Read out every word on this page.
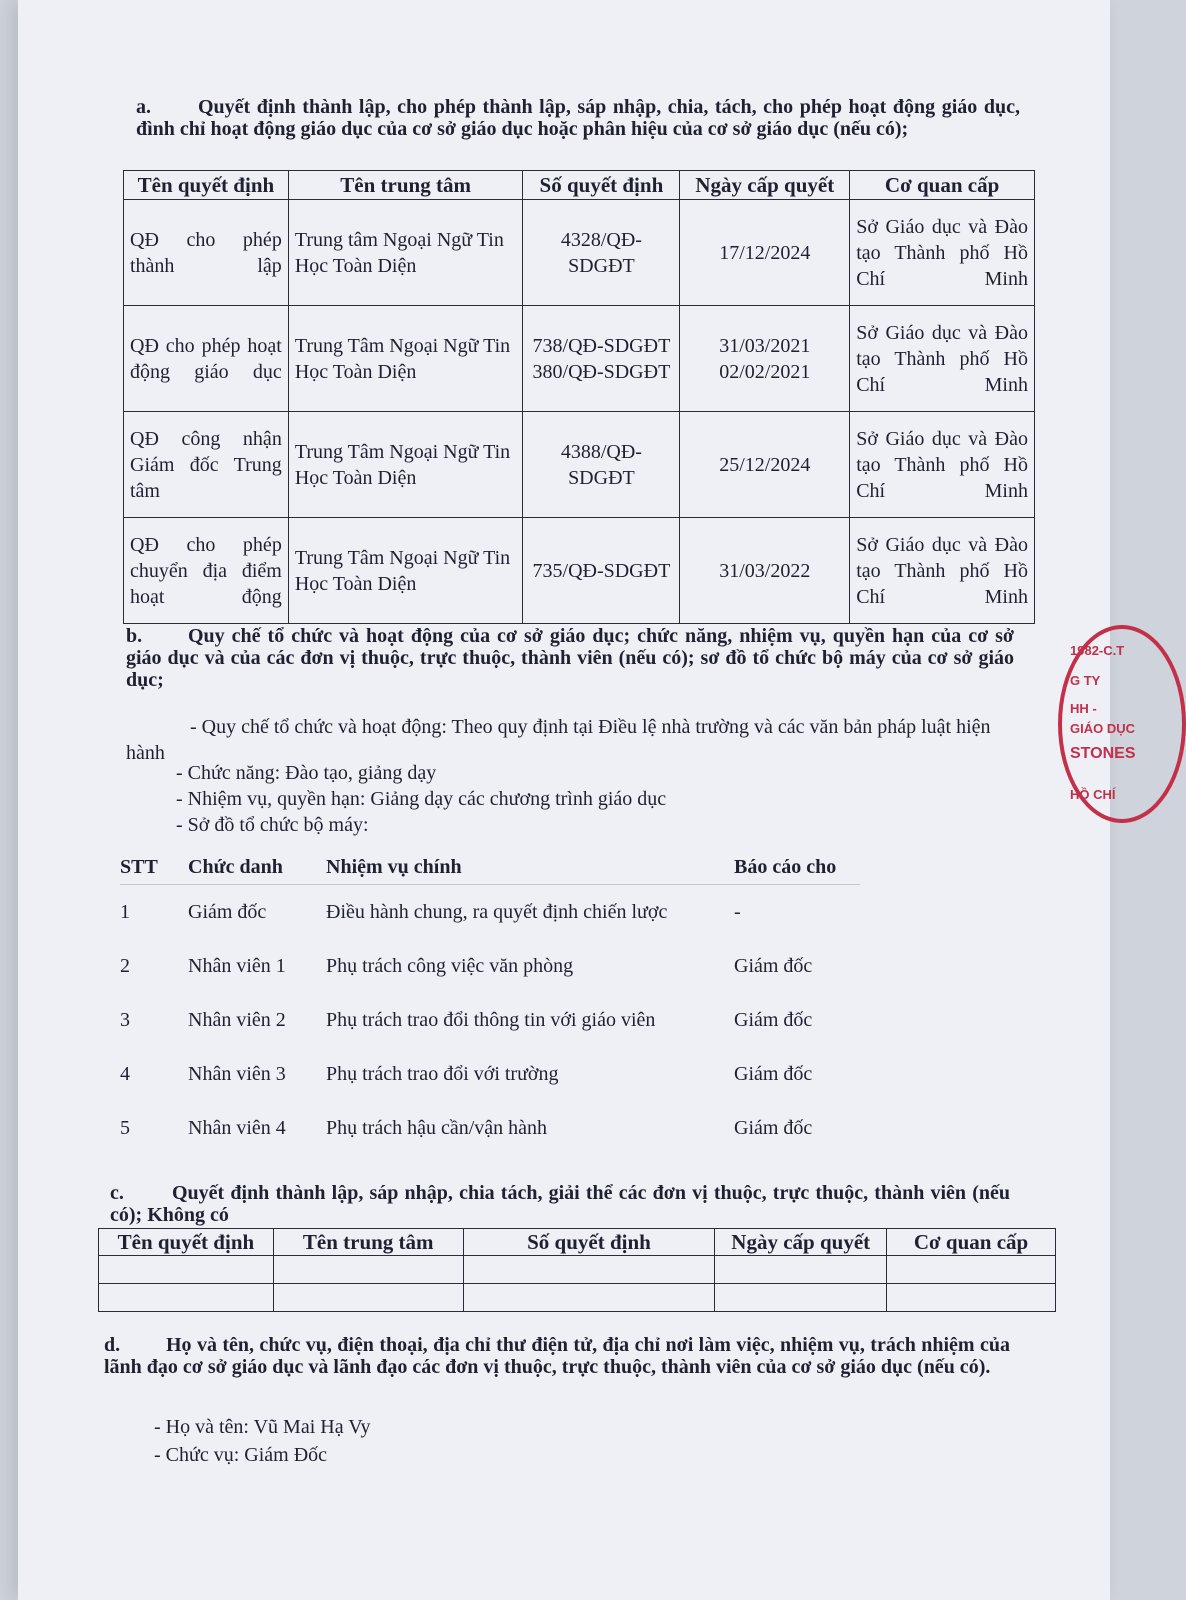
a. Quyết định thành lập, cho phép thành lập, sáp nhập, chia, tách, cho phép hoạt động giáo dục, đình chỉ hoạt động giáo dục của cơ sở giáo dục hoặc phân hiệu của cơ sở giáo dục (nếu có);
Tên quyết định	Tên trung tâm	Số quyết định	Ngày cấp quyết	Cơ quan cấp
QĐ cho phép thành lập	Trung tâm Ngoại Ngữ Tin Học Toàn Diện	4328/QĐ-SDGĐT	17/12/2024	Sở Giáo dục và Đào tạo Thành phố Hồ Chí Minh
QĐ cho phép hoạt động giáo dục	Trung Tâm Ngoại Ngữ Tin Học Toàn Diện	738/QĐ-SDGĐT 380/QĐ-SDGĐT	31/03/2021 02/02/2021	Sở Giáo dục và Đào tạo Thành phố Hồ Chí Minh
QĐ công nhận Giám đốc Trung tâm	Trung Tâm Ngoại Ngữ Tin Học Toàn Diện	4388/QĐ-SDGĐT	25/12/2024	Sở Giáo dục và Đào tạo Thành phố Hồ Chí Minh
QĐ cho phép chuyển địa điểm hoạt động	Trung Tâm Ngoại Ngữ Tin Học Toàn Diện	735/QĐ-SDGĐT	31/03/2022	Sở Giáo dục và Đào tạo Thành phố Hồ Chí Minh
b. Quy chế tổ chức và hoạt động của cơ sở giáo dục; chức năng, nhiệm vụ, quyền hạn của cơ sở giáo dục và của các đơn vị thuộc, trực thuộc, thành viên (nếu có); sơ đồ tổ chức bộ máy của cơ sở giáo dục;
- Quy chế tổ chức và hoạt động: Theo quy định tại Điều lệ nhà trường và các văn bản pháp luật hiện hành
- Chức năng: Đào tạo, giảng dạy
- Nhiệm vụ, quyền hạn: Giảng dạy các chương trình giáo dục
- Sở đồ tổ chức bộ máy:
STT	Chức danh	Nhiệm vụ chính	Báo cáo cho
1	Giám đốc	Điều hành chung, ra quyết định chiến lược	-
2	Nhân viên 1	Phụ trách công việc văn phòng	Giám đốc
3	Nhân viên 2	Phụ trách trao đổi thông tin với giáo viên	Giám đốc
4	Nhân viên 3	Phụ trách trao đổi với trường	Giám đốc
5	Nhân viên 4	Phụ trách hậu cần/vận hành	Giám đốc
c. Quyết định thành lập, sáp nhập, chia tách, giải thể các đơn vị thuộc, trực thuộc, thành viên (nếu có); Không có
Tên quyết định	Tên trung tâm	Số quyết định	Ngày cấp quyết	Cơ quan cấp

d. Họ và tên, chức vụ, điện thoại, địa chỉ thư điện tử, địa chỉ nơi làm việc, nhiệm vụ, trách nhiệm của lãnh đạo cơ sở giáo dục và lãnh đạo các đơn vị thuộc, trực thuộc, thành viên của cơ sở giáo dục (nếu có).
- Họ và tên: Vũ Mai Hạ Vy
- Chức vụ: Giám Đốc
1982-C.T
G TY
HH -
GIÁO DỤC
STONES
HỒ CHÍ
